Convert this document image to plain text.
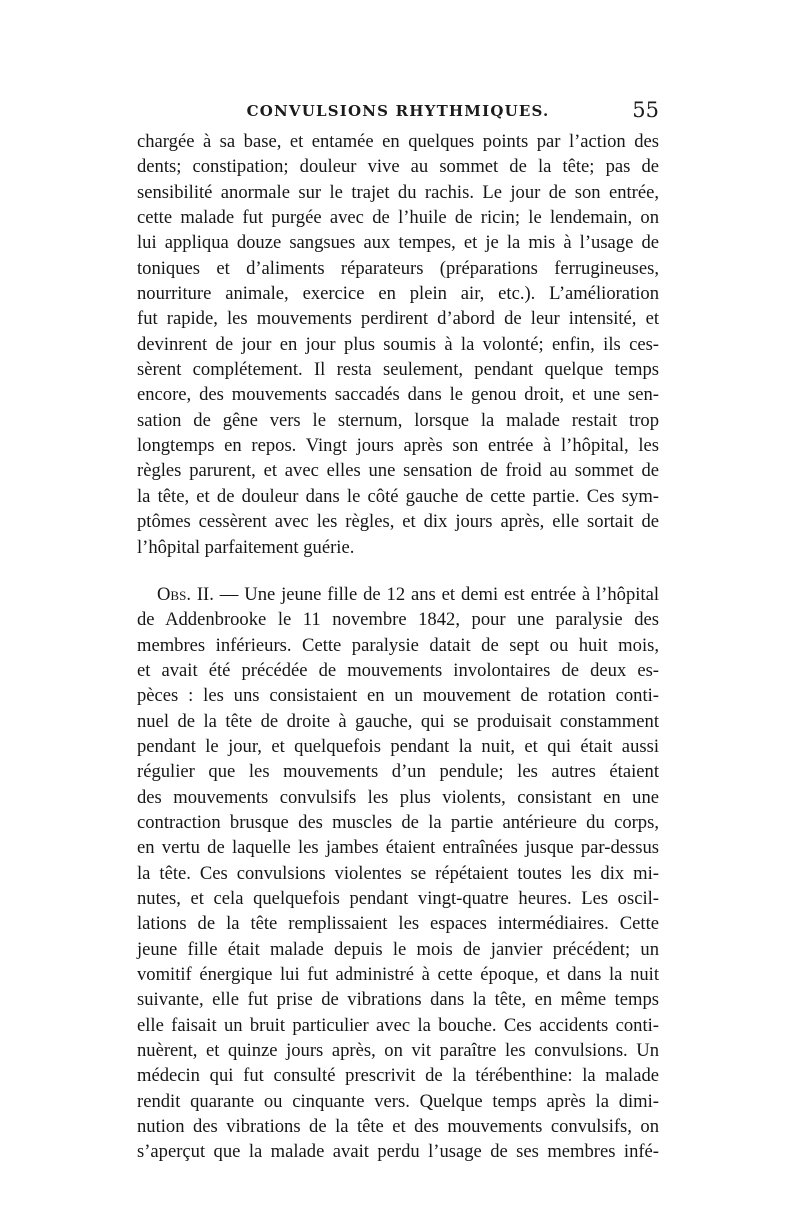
CONVULSIONS RHYTHMIQUES.	55
chargée à sa base, et entamée en quelques points par l’action des
dents; constipation; douleur vive au sommet de la tête; pas de
sensibilité anormale sur le trajet du rachis. Le jour de son entrée,
cette malade fut purgée avec de l’huile de ricin; le lendemain, on
lui appliqua douze sangsues aux tempes, et je la mis à l’usage de
toniques et d’aliments réparateurs (préparations ferrugineuses,
nourriture animale, exercice en plein air, etc.). L’amélioration
fut rapide, les mouvements perdirent d’abord de leur intensité, et
devinrent de jour en jour plus soumis à la volonté; enfin, ils ces-
sèrent complétement. Il resta seulement, pendant quelque temps
encore, des mouvements saccadés dans le genou droit, et une sen-
sation de gêne vers le sternum, lorsque la malade restait trop
longtemps en repos. Vingt jours après son entrée à l’hôpital, les
règles parurent, et avec elles une sensation de froid au sommet de
la tête, et de douleur dans le côté gauche de cette partie. Ces sym-
ptômes cessèrent avec les règles, et dix jours après, elle sortait de
l’hôpital parfaitement guérie.
Obs. II. — Une jeune fille de 12 ans et demi est entrée à l’hôpital
de Addenbrooke le 11 novembre 1842, pour une paralysie des
membres inférieurs. Cette paralysie datait de sept ou huit mois,
et avait été précédée de mouvements involontaires de deux es-
pèces : les uns consistaient en un mouvement de rotation conti-
nuel de la tête de droite à gauche, qui se produisait constamment
pendant le jour, et quelquefois pendant la nuit, et qui était aussi
régulier que les mouvements d’un pendule; les autres étaient
des mouvements convulsifs les plus violents, consistant en une
contraction brusque des muscles de la partie antérieure du corps,
en vertu de laquelle les jambes étaient entraînées jusque par-dessus
la tête. Ces convulsions violentes se répétaient toutes les dix mi-
nutes, et cela quelquefois pendant vingt-quatre heures. Les oscil-
lations de la tête remplissaient les espaces intermédiaires. Cette
jeune fille était malade depuis le mois de janvier précédent; un
vomitif énergique lui fut administré à cette époque, et dans la nuit
suivante, elle fut prise de vibrations dans la tête, en même temps
elle faisait un bruit particulier avec la bouche. Ces accidents conti-
nuèrent, et quinze jours après, on vit paraître les convulsions. Un
médecin qui fut consulté prescrivit de la térébenthine: la malade
rendit quarante ou cinquante vers. Quelque temps après la dimi-
nution des vibrations de la tête et des mouvements convulsifs, on
s’aperçut que la malade avait perdu l’usage de ses membres infé-
